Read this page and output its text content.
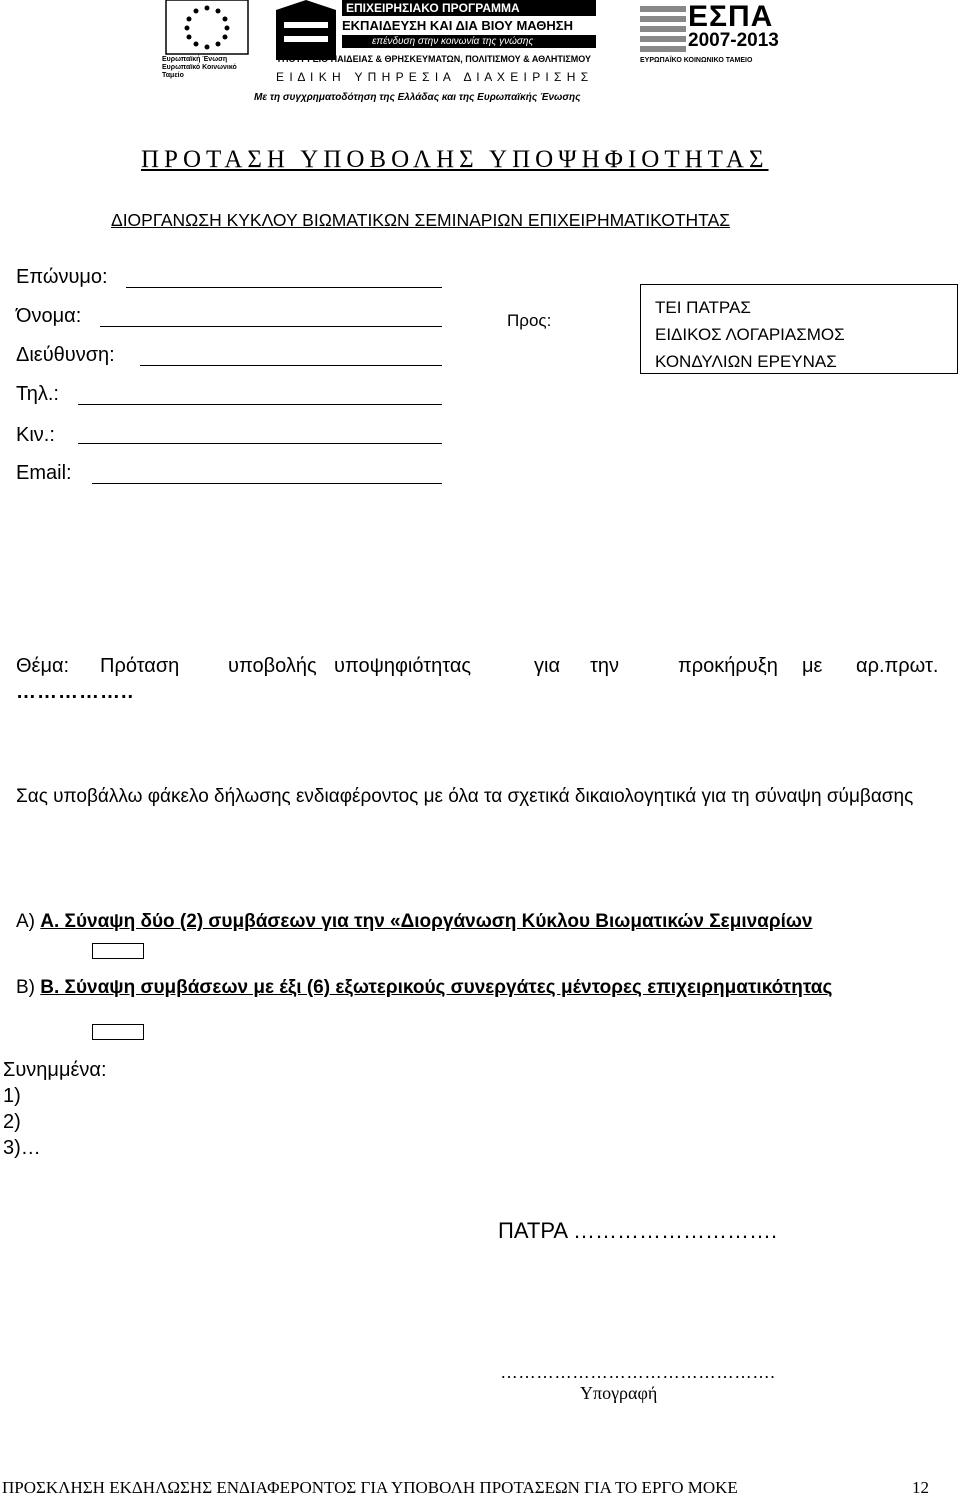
Ευρωπαϊκή Ένωση
Ευρωπαϊκό Κοινωνικό Ταμείο
ΕΠΙΧΕΙΡΗΣΙΑΚΟ ΠΡΟΓΡΑΜΜΑ
ΕΚΠΑΙΔΕΥΣΗ ΚΑΙ ΔΙΑ ΒΙΟΥ ΜΑΘΗΣΗ
επένδυση στην κοινωνία της γνώσης
ΥΠΟΥΡΓΕΙΟ ΠΑΙΔΕΙΑΣ & ΘΡΗΣΚΕΥΜΑΤΩΝ, ΠΟΛΙΤΙΣΜΟΥ & ΑΘΛΗΤΙΣΜΟΥ
Ε Ι Δ Ι Κ Η   Υ Π Η Ρ Ε Σ Ι Α   Δ Ι Α Χ Ε Ι Ρ Ι Σ Η Σ
ΕΣΠΑ
2007-2013
ΕΥΡΩΠΑΪΚΟ ΚΟΙΝΩΝΙΚΟ ΤΑΜΕΙΟ
Με τη συγχρηματοδότηση της Ελλάδας και της Ευρωπαϊκής Ένωσης
ΠΡΟΤΑΣΗ ΥΠΟΒΟΛΗΣ ΥΠΟΨΗΦΙΟΤΗΤΑΣ
ΔΙΟΡΓΑΝΩΣΗ ΚΥΚΛΟΥ ΒΙΩΜΑΤΙΚΩΝ ΣΕΜΙΝΑΡΙΩΝ ΕΠΙΧΕΙΡΗΜΑΤΙΚΟΤΗΤΑΣ
Επώνυμο:
Όνομα:
Διεύθυνση:
Τηλ.:
Κιν.:
Email:
Προς:
ΤΕΙ ΠΑΤΡΑΣ
ΕΙΔΙΚΟΣ ΛΟΓΑΡΙΑΣΜΟΣ
ΚΟΝΔΥΛΙΩΝ ΕΡΕΥΝΑΣ
Θέμα: Πρόταση υποβολής υποψηφιότητας	για την	προκήρυξη με αρ.πρωτ.
……………..
Σας υποβάλλω φάκελο δήλωσης ενδιαφέροντος με όλα τα σχετικά δικαιολογητικά για τη σύναψη σύμβασης
Α) Α. Σύναψη δύο (2) συμβάσεων για την «Διοργάνωση Κύκλου Βιωματικών Σεμιναρίων
Β) Β. Σύναψη συμβάσεων με έξι (6) εξωτερικούς συνεργάτες μέντορες επιχειρηματικότητας
Συνημμένα:
1)
2)
3)…
ΠΑΤΡΑ ……………………….
……………………………………….
Υπογραφή
ΠΡΟΣΚΛΗΣΗ ΕΚΔΗΛΩΣΗΣ ΕΝΔΙΑΦΕΡΟΝΤΟΣ ΓΙΑ ΥΠΟΒΟΛΗ ΠΡΟΤΑΣΕΩΝ ΓΙΑ ΤΟ ΕΡΓΟ ΜΟΚΕ	12
